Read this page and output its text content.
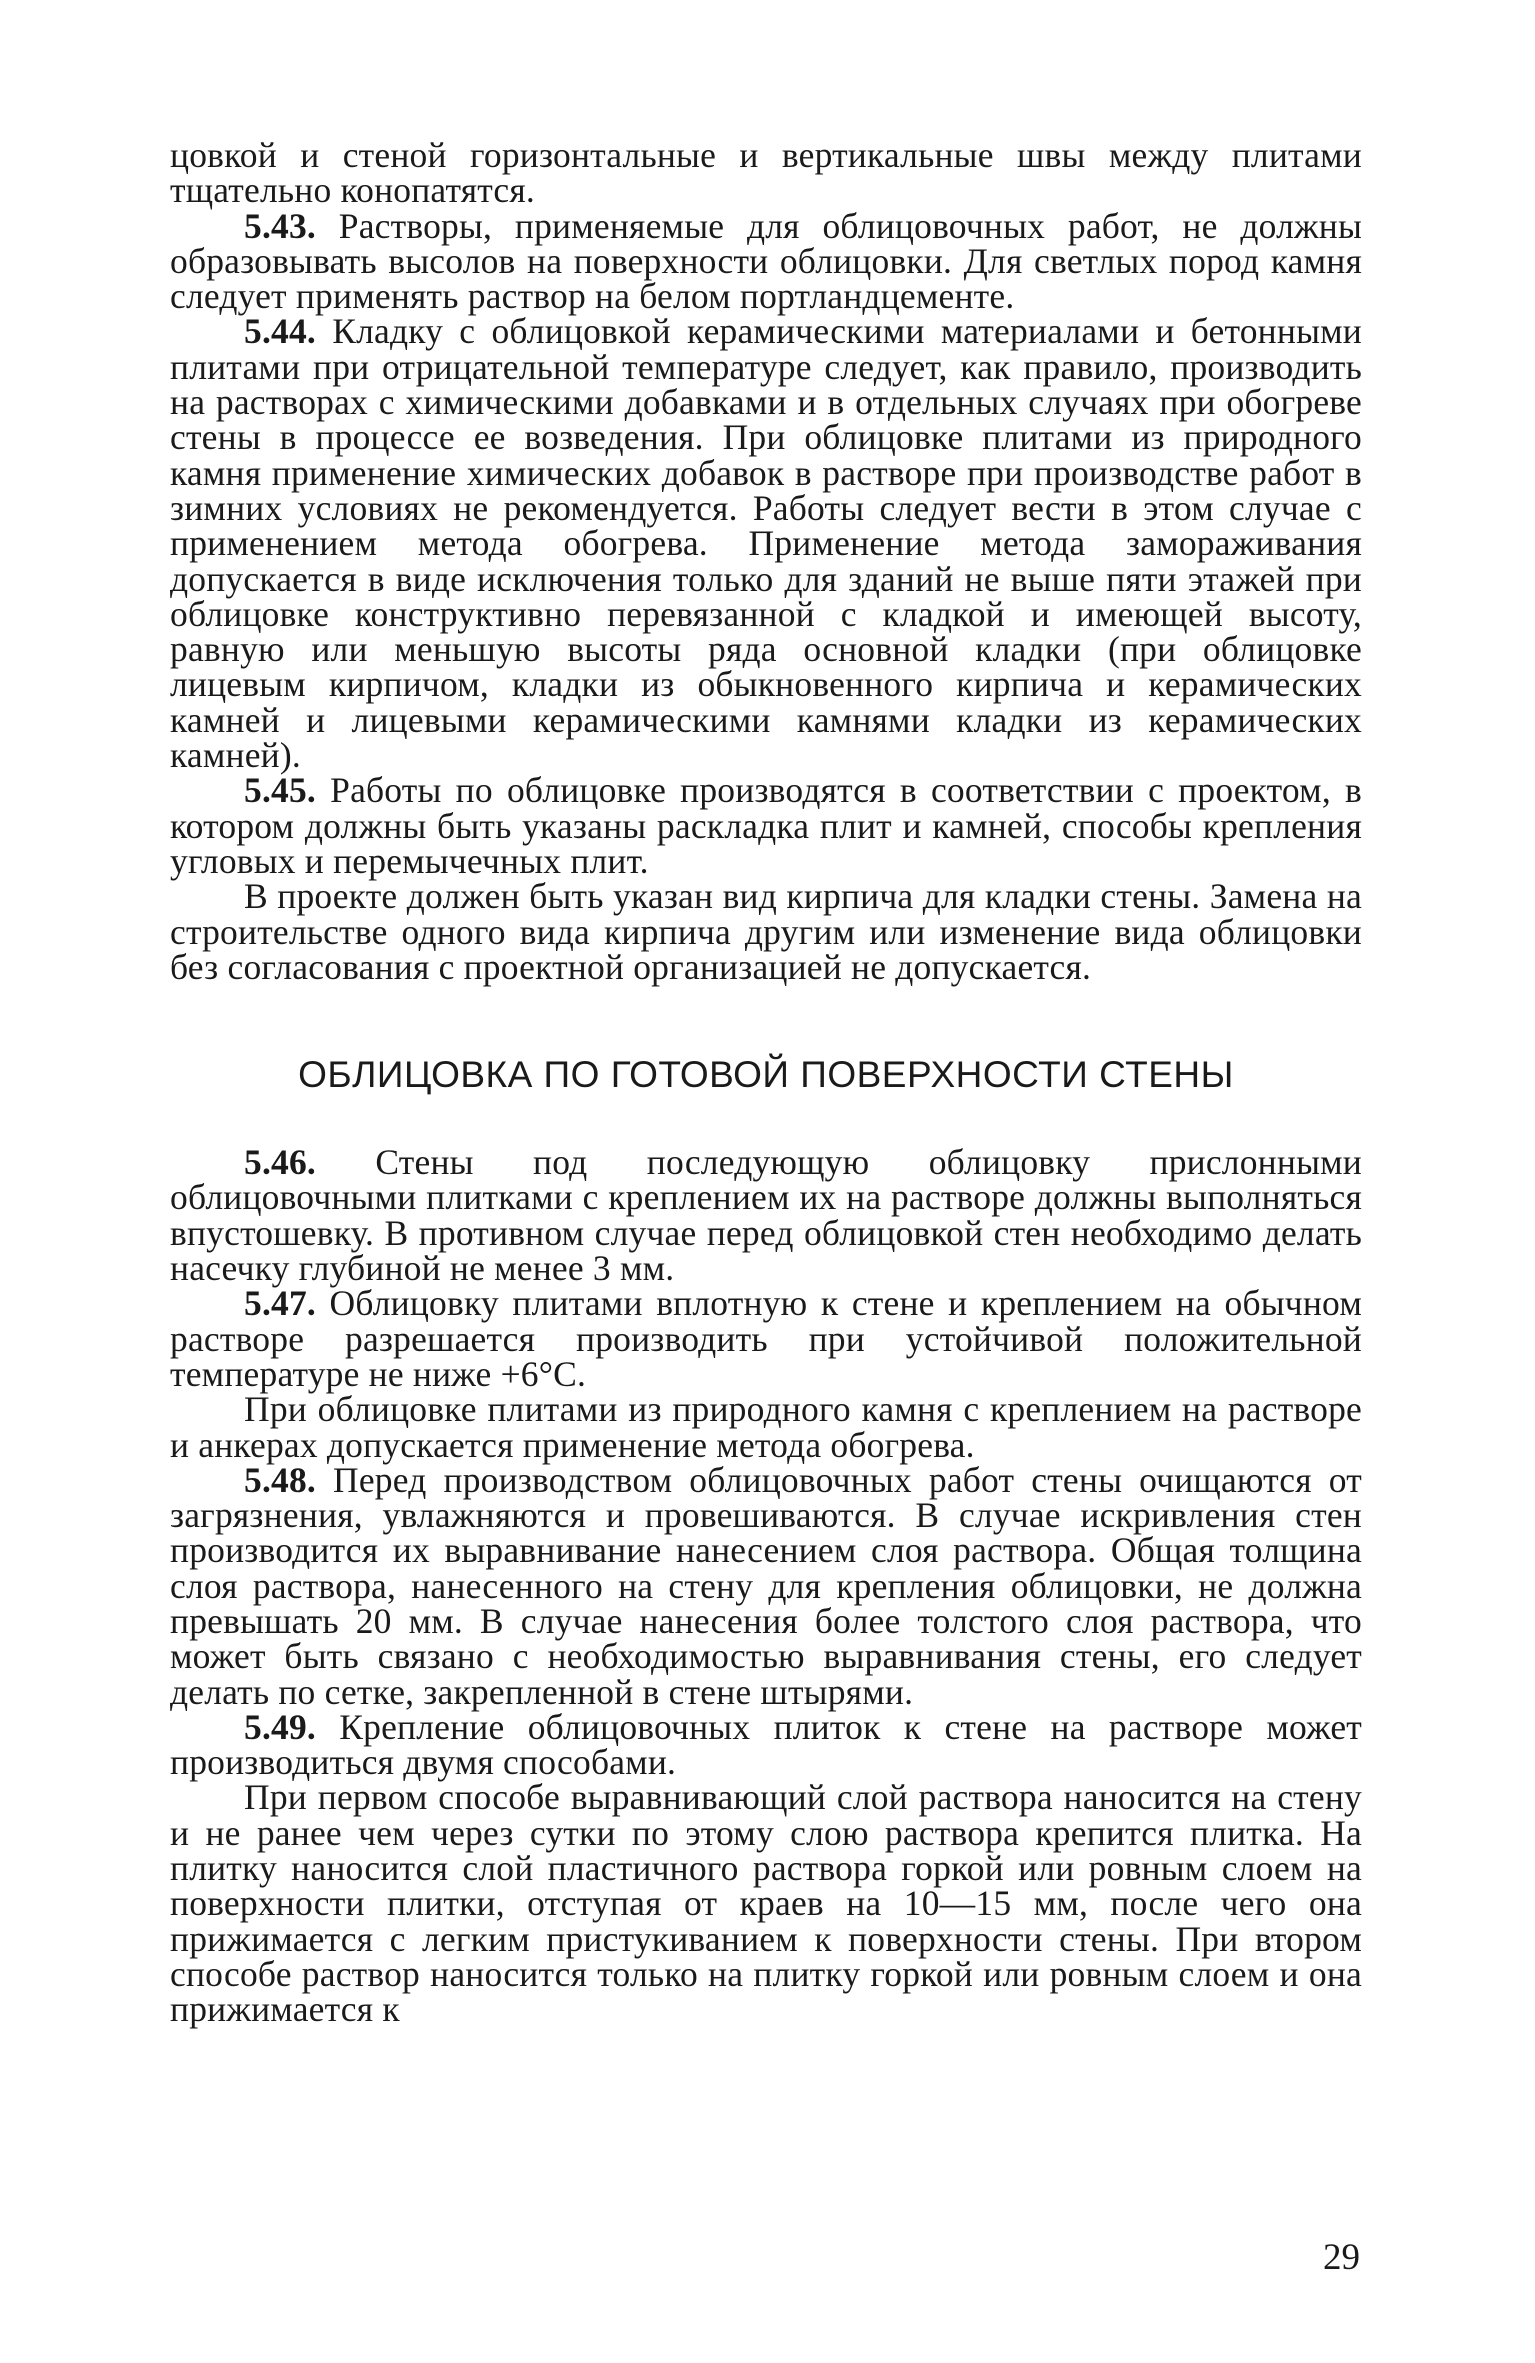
цовкой и стеной горизонтальные и вертикальные швы между плитами тщательно конопатятся.

5.43. Растворы, применяемые для облицовочных работ, не должны образовывать высолов на поверхности облицовки. Для светлых пород камня следует применять раствор на белом портландцементе.

5.44. Кладку с облицовкой керамическими материалами и бетонными плитами при отрицательной температуре следует, как правило, производить на растворах с химическими добавками и в отдельных случаях при обогреве стены в процессе ее возведения. При облицовке плитами из природного камня применение химических добавок в растворе при производстве работ в зимних условиях не рекомендуется. Работы следует вести в этом случае с применением метода обогрева. Применение метода замораживания допускается в виде исключения только для зданий не выше пяти этажей при облицовке конструктивно перевязанной с кладкой и имеющей высоту, равную или меньшую высоты ряда основной кладки (при облицовке лицевым кирпичом, кладки из обыкновенного кирпича и керамических камней и лицевыми керамическими камнями кладки из керамических камней).

5.45. Работы по облицовке производятся в соответствии с проектом, в котором должны быть указаны раскладка плит и камней, способы крепления угловых и перемычечных плит.

В проекте должен быть указан вид кирпича для кладки стены. Замена на строительстве одного вида кирпича другим или изменение вида облицовки без согласования с проектной организацией не допускается.

ОБЛИЦОВКА ПО ГОТОВОЙ ПОВЕРХНОСТИ СТЕНЫ

5.46. Стены под последующую облицовку прислонными облицовочными плитками с креплением их на растворе должны выполняться впустошевку. В противном случае перед облицовкой стен необходимо делать насечку глубиной не менее 3 мм.

5.47. Облицовку плитами вплотную к стене и креплением на обычном растворе разрешается производить при устойчивой положительной температуре не ниже +6°С.

При облицовке плитами из природного камня с креплением на растворе и анкерах допускается применение метода обогрева.

5.48. Перед производством облицовочных работ стены очищаются от загрязнения, увлажняются и провешиваются. В случае искривления стен производится их выравнивание нанесением слоя раствора. Общая толщина слоя раствора, нанесенного на стену для крепления облицовки, не должна превышать 20 мм. В случае нанесения более толстого слоя раствора, что может быть связано с необходимостью выравнивания стены, его следует делать по сетке, закрепленной в стене штырями.

5.49. Крепление облицовочных плиток к стене на растворе может производиться двумя способами.

При первом способе выравнивающий слой раствора наносится на стену и не ранее чем через сутки по этому слою раствора крепится плитка. На плитку наносится слой пластичного раствора горкой или ровным слоем на поверхности плитки, отступая от краев на 10—15 мм, после чего она прижимается с легким пристукиванием к поверхности стены. При втором способе раствор наносится только на плитку горкой или ровным слоем и она прижимается к

29
